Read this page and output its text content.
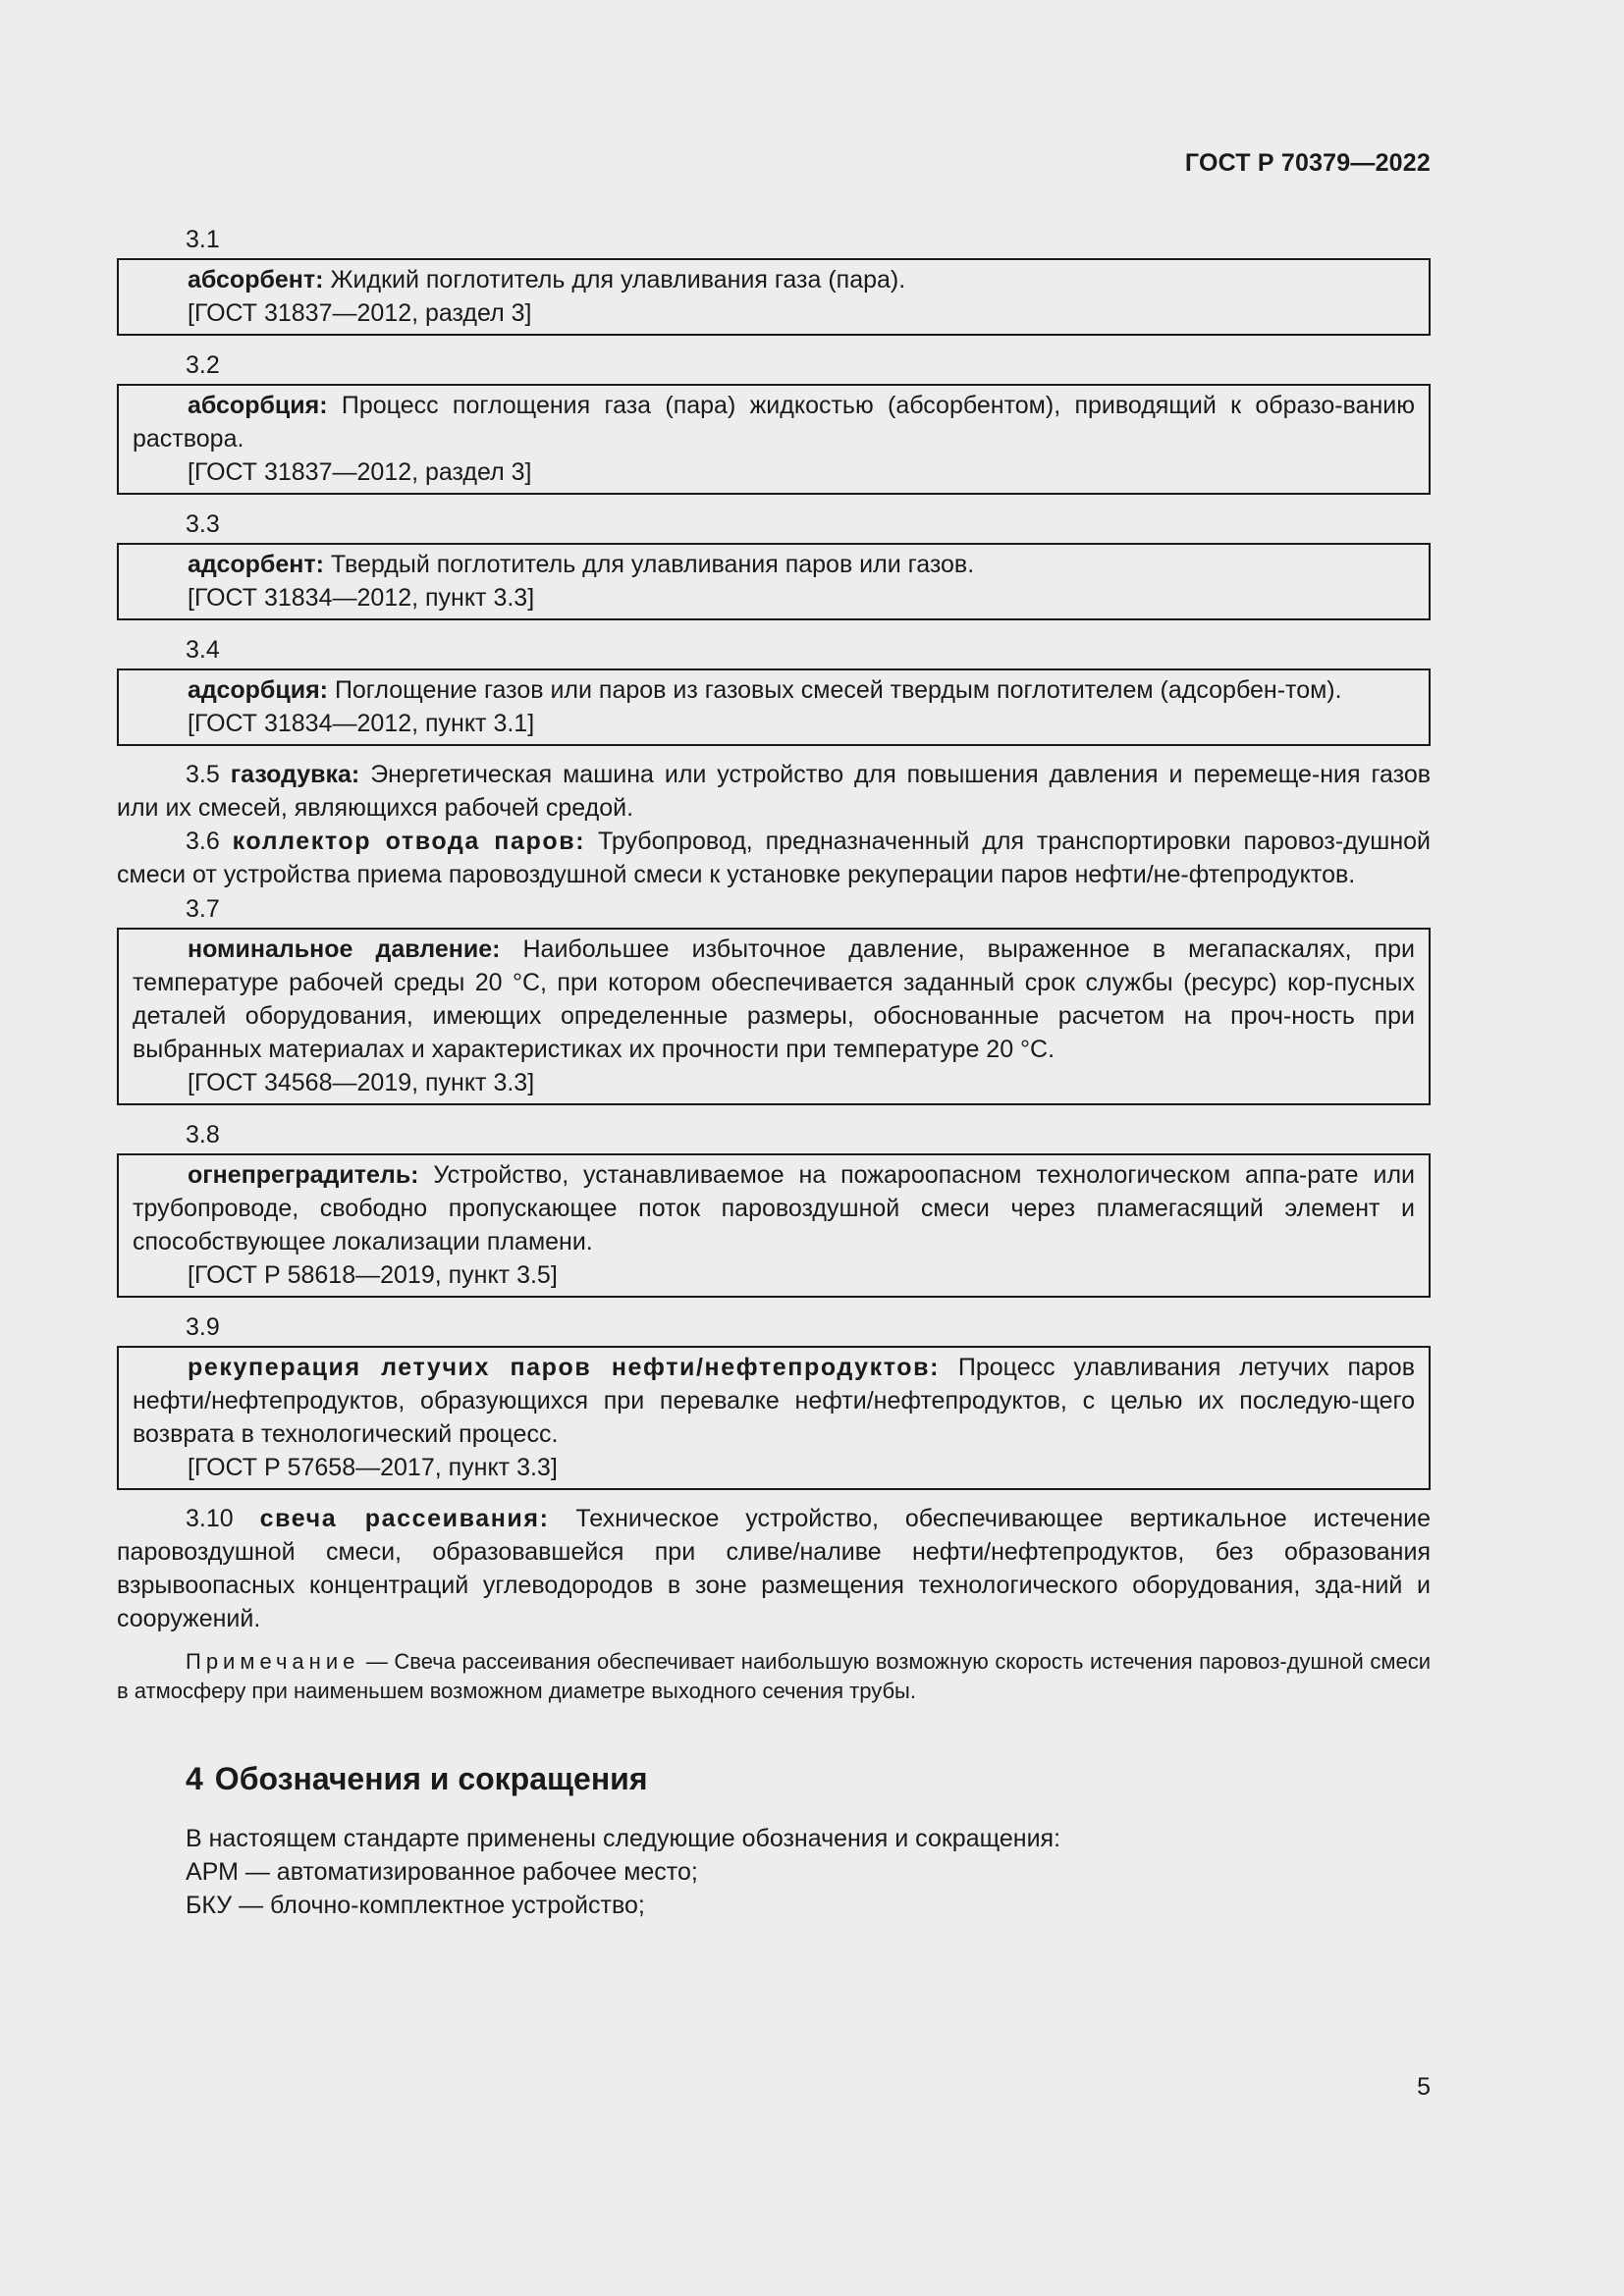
ГОСТ Р 70379—2022
3.1

абсорбент: Жидкий поглотитель для улавливания газа (пара).

[ГОСТ 31837—2012, раздел 3]

3.2

абсорбция: Процесс поглощения газа (пара) жидкостью (абсорбентом), приводящий к образо-ванию раствора.

[ГОСТ 31837—2012, раздел 3]

3.3

адсорбент: Твердый поглотитель для улавливания паров или газов.

[ГОСТ 31834—2012, пункт 3.3]

3.4

адсорбция: Поглощение газов или паров из газовых смесей твердым поглотителем (адсорбен-том).

[ГОСТ 31834—2012, пункт 3.1]

3.5 газодувка: Энергетическая машина или устройство для повышения давления и перемеще-ния газов или их смесей, являющихся рабочей средой.

3.6 коллектор отвода паров: Трубопровод, предназначенный для транспортировки паровоз-душной смеси от устройства приема паровоздушной смеси к установке рекуперации паров нефти/не-фтепродуктов.

3.7

номинальное давление: Наибольшее избыточное давление, выраженное в мегапаскалях, при температуре рабочей среды 20 °C, при котором обеспечивается заданный срок службы (ресурс) кор-пусных деталей оборудования, имеющих определенные размеры, обоснованные расчетом на проч-ность при выбранных материалах и характеристиках их прочности при температуре 20 °C.

[ГОСТ 34568—2019, пункт 3.3]

3.8

огнепреградитель: Устройство, устанавливаемое на пожароопасном технологическом аппа-рате или трубопроводе, свободно пропускающее поток паровоздушной смеси через пламегасящий элемент и способствующее локализации пламени.

[ГОСТ Р 58618—2019, пункт 3.5]

3.9

рекуперация летучих паров нефти/нефтепродуктов: Процесс улавливания летучих паров нефти/нефтепродуктов, образующихся при перевалке нефти/нефтепродуктов, с целью их последую-щего возврата в технологический процесс.

[ГОСТ Р 57658—2017, пункт 3.3]

3.10 свеча рассеивания: Техническое устройство, обеспечивающее вертикальное истечение паровоздушной смеси, образовавшейся при сливе/наливе нефти/нефтепродуктов, без образования взрывоопасных концентраций углеводородов в зоне размещения технологического оборудования, зда-ний и сооружений.

Примечание — Свеча рассеивания обеспечивает наибольшую возможную скорость истечения паровоз-душной смеси в атмосферу при наименьшем возможном диаметре выходного сечения трубы.

4 Обозначения и сокращения

В настоящем стандарте применены следующие обозначения и сокращения:

АРМ — автоматизированное рабочее место;

БКУ — блочно-комплектное устройство;

5
